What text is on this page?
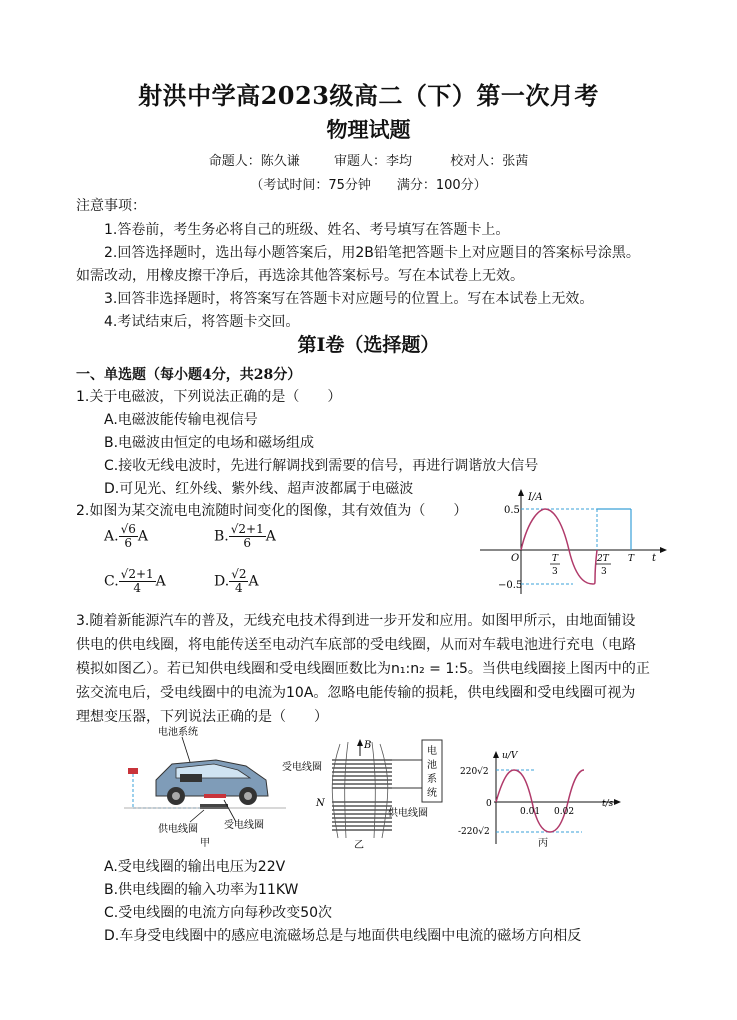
射洪中学高2023级高二（下）第一次月考
物理试题
命题人：陈久谦	审题人：李均	校对人：张茜
（考试时间：75分钟　　满分：100分）
注意事项：
1.答卷前，考生务必将自己的班级、姓名、考号填写在答题卡上。
2.回答选择题时，选出每小题答案后，用2B铅笔把答题卡上对应题目的答案标号涂黑。
如需改动，用橡皮擦干净后，再选涂其他答案标号。写在本试卷上无效。
3.回答非选择题时，将答案写在答题卡对应题号的位置上。写在本试卷上无效。
4.考试结束后，将答题卡交回。
第Ⅰ卷（选择题）
一、单选题（每小题4分，共28分）
1.关于电磁波，下列说法正确的是（　　）
A.电磁波能传输电视信号
B.电磁波由恒定的电场和磁场组成
C.接收无线电波时，先进行解调找到需要的信号，再进行调谐放大信号
D.可见光、红外线、紫外线、超声波都属于电磁波
2.如图为某交流电电流随时间变化的图像，其有效值为（　　）
A. $\frac{√6}{6}$ A	B. $\frac{√2+1}{6}$ A
C. $\frac{√2+1}{4}$ A	D. $\frac{√2}{4}$ A
I/A
0.5
−0.5
O	T
3
2T
3
T t
3.随着新能源汽车的普及，无线充电技术得到进一步开发和应用。如图甲所示，由地面铺设
供电的供电线圈，将电能传送至电动汽车底部的受电线圈，从而对车载电池进行充电（电路
模拟如图乙）。若已知供电线圈和受电线圈匝数比为n₁:n₂ = 1:5。当供电线圈接上图丙中的正
弦交流电后，受电线圈中的电流为10A。忽略电能传输的损耗，供电线圈和受电线圈可视为
理想变压器，下列说法正确的是（　　）
电池系统
供电线圈	受电线圈
甲
受电线圈
B
N
电 池 系 统
供电线圈
乙
u/V
220√2
-220√2
0
0.01 0.02
t/s
丙
A.受电线圈的输出电压为22V
B.供电线圈的输入功率为11KW
C.受电线圈的电流方向每秒改变50次
D.车身受电线圈中的感应电流磁场总是与地面供电线圈中电流的磁场方向相反
